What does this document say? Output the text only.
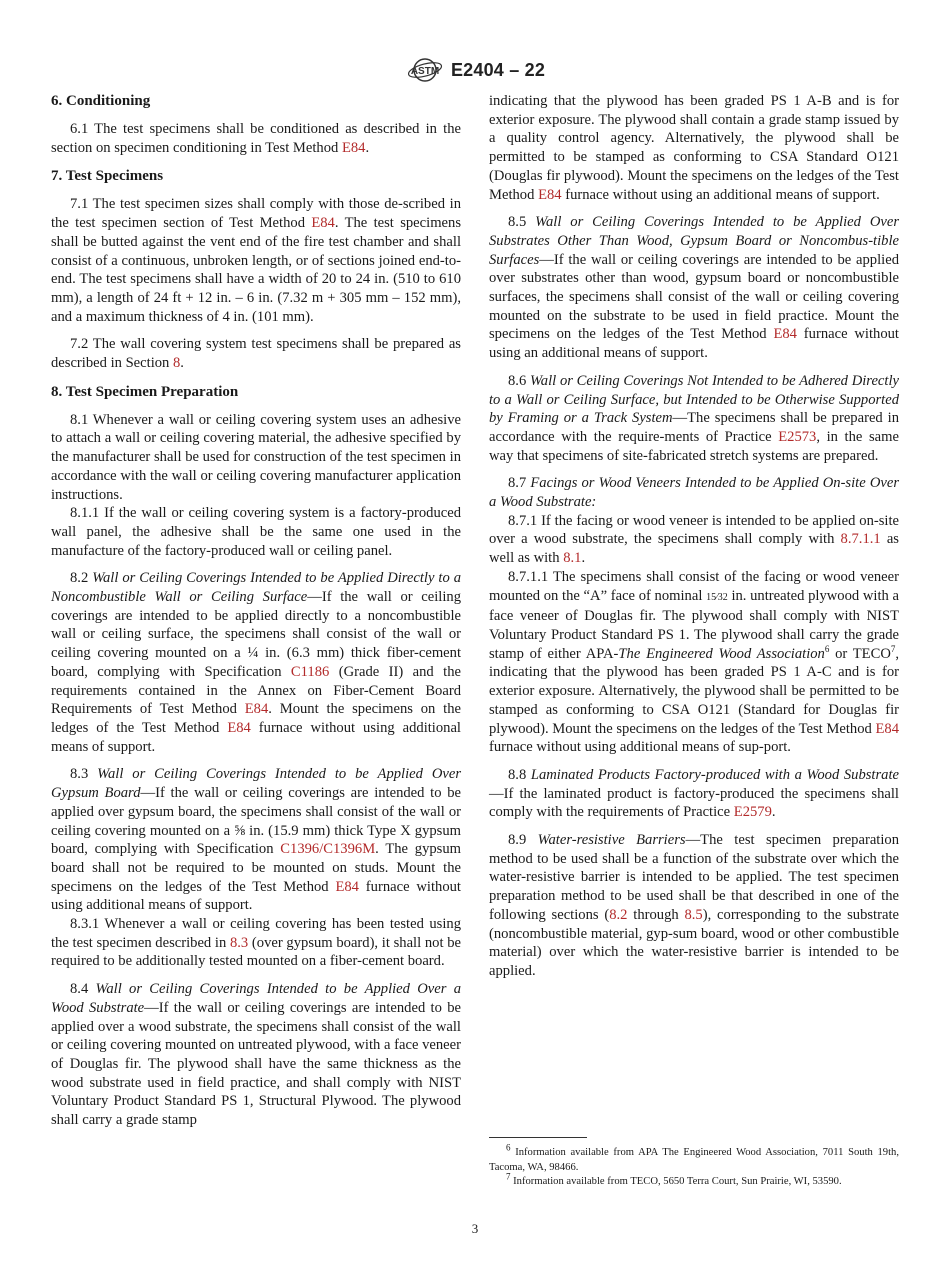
ASTM E2404 – 22
6. Conditioning

6.1 The test specimens shall be conditioned as described in the section on specimen conditioning in Test Method E84.

7. Test Specimens

7.1 The test specimen sizes shall comply with those de-scribed in the test specimen section of Test Method E84. The test specimens shall be butted against the vent end of the fire test chamber and shall consist of a continuous, unbroken length, or of sections joined end-to-end. The test specimens shall have a width of 20 to 24 in. (510 to 610 mm), a length of 24 ft + 12 in. – 6 in. (7.32 m + 305 mm – 152 mm), and a maximum thickness of 4 in. (101 mm).

7.2 The wall covering system test specimens shall be prepared as described in Section 8.

8. Test Specimen Preparation

8.1 Whenever a wall or ceiling covering system uses an adhesive to attach a wall or ceiling covering material, the adhesive specified by the manufacturer shall be used for construction of the test specimen in accordance with the wall or ceiling covering manufacturer application instructions.

8.1.1 If the wall or ceiling covering system is a factory-produced wall panel, the adhesive shall be the same one used in the manufacture of the factory-produced wall or ceiling panel.

8.2 Wall or Ceiling Coverings Intended to be Applied Directly to a Noncombustible Wall or Ceiling Surface—If the wall or ceiling coverings are intended to be applied directly to a noncombustible wall or ceiling surface, the specimens shall consist of the wall or ceiling covering mounted on a ¼ in. (6.3 mm) thick fiber-cement board, complying with Specification C1186 (Grade II) and the requirements contained in the Annex on Fiber-Cement Board Requirements of Test Method E84. Mount the specimens on the ledges of the Test Method E84 furnace without using additional means of support.

8.3 Wall or Ceiling Coverings Intended to be Applied Over Gypsum Board—If the wall or ceiling coverings are intended to be applied over gypsum board, the specimens shall consist of the wall or ceiling covering mounted on a ⅝ in. (15.9 mm) thick Type X gypsum board, complying with Specification C1396/C1396M. The gypsum board shall not be required to be mounted on studs. Mount the specimens on the ledges of the Test Method E84 furnace without using additional means of support.

8.3.1 Whenever a wall or ceiling covering has been tested using the test specimen described in 8.3 (over gypsum board), it shall not be required to be additionally tested mounted on a fiber-cement board.

8.4 Wall or Ceiling Coverings Intended to be Applied Over a Wood Substrate—If the wall or ceiling coverings are intended to be applied over a wood substrate, the specimens shall consist of the wall or ceiling covering mounted on untreated plywood, with a face veneer of Douglas fir. The plywood shall have the same thickness as the wood substrate used in field practice, and shall comply with NIST Voluntary Product Standard PS 1, Structural Plywood. The plywood shall carry a grade stamp

indicating that the plywood has been graded PS 1 A-B and is for exterior exposure. The plywood shall contain a grade stamp issued by a quality control agency. Alternatively, the plywood shall be permitted to be stamped as conforming to CSA Standard O121 (Douglas fir plywood). Mount the specimens on the ledges of the Test Method E84 furnace without using an additional means of support.

8.5 Wall or Ceiling Coverings Intended to be Applied Over Substrates Other Than Wood, Gypsum Board or Noncombus-tible Surfaces—If the wall or ceiling coverings are intended to be applied over substrates other than wood, gypsum board or noncombustible surfaces, the specimens shall consist of the wall or ceiling covering mounted on the substrate to be used in field practice. Mount the specimens on the ledges of the Test Method E84 furnace without using an additional means of support.

8.6 Wall or Ceiling Coverings Not Intended to be Adhered Directly to a Wall or Ceiling Surface, but Intended to be Otherwise Supported by Framing or a Track System—The specimens shall be prepared in accordance with the require-ments of Practice E2573, in the same way that specimens of site-fabricated stretch systems are prepared.

8.7 Facings or Wood Veneers Intended to be Applied On-site Over a Wood Substrate:

8.7.1 If the facing or wood veneer is intended to be applied on-site over a wood substrate, the specimens shall comply with 8.7.1.1 as well as with 8.1.

8.7.1.1 The specimens shall consist of the facing or wood veneer mounted on the “A” face of nominal 15⁄32 in. untreated plywood with a face veneer of Douglas fir. The plywood shall comply with NIST Voluntary Product Standard PS 1. The plywood shall carry the grade stamp of either APA-The Engineered Wood Association$^6$ or TECO$^7$, indicating that the plywood has been graded PS 1 A-C and is for exterior exposure. Alternatively, the plywood shall be permitted to be stamped as conforming to CSA O121 (Standard for Douglas fir plywood). Mount the specimens on the ledges of the Test Method E84 furnace without using additional means of sup-port.

8.8 Laminated Products Factory-produced with a Wood Substrate—If the laminated product is factory-produced the specimens shall comply with the requirements of Practice E2579.

8.9 Water-resistive Barriers—The test specimen preparation method to be used shall be a function of the substrate over which the water-resistive barrier is intended to be applied. The test specimen preparation method to be used shall be that described in one of the following sections (8.2 through 8.5), corresponding to the substrate (noncombustible material, gyp-sum board, wood or other combustible material) over which the water-resistive barrier is intended to be applied.

$^6$ Information available from APA The Engineered Wood Association, 7011 South 19th, Tacoma, WA, 98466.

$^7$ Information available from TECO, 5650 Terra Court, Sun Prairie, WI, 53590.

3
